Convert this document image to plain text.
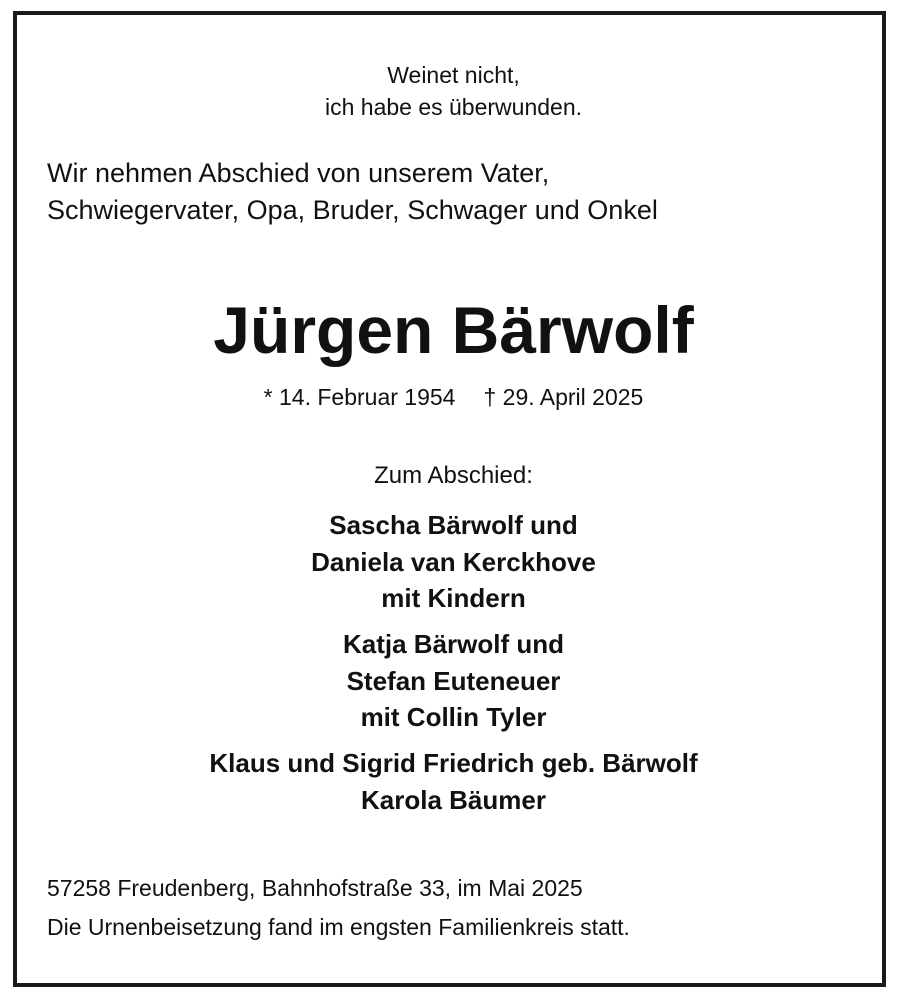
Weinet nicht,
ich habe es überwunden.
Wir nehmen Abschied von unserem Vater,
Schwiegervater, Opa, Bruder, Schwager und Onkel
Jürgen Bärwolf
* 14. Februar 1954 † 29. April 2025
Zum Abschied:
Sascha Bärwolf und
Daniela van Kerckhove
mit Kindern
Katja Bärwolf und
Stefan Euteneuer
mit Collin Tyler
Klaus und Sigrid Friedrich geb. Bärwolf
Karola Bäumer
57258 Freudenberg, Bahnhofstraße 33, im Mai 2025
Die Urnenbeisetzung fand im engsten Familienkreis statt.
